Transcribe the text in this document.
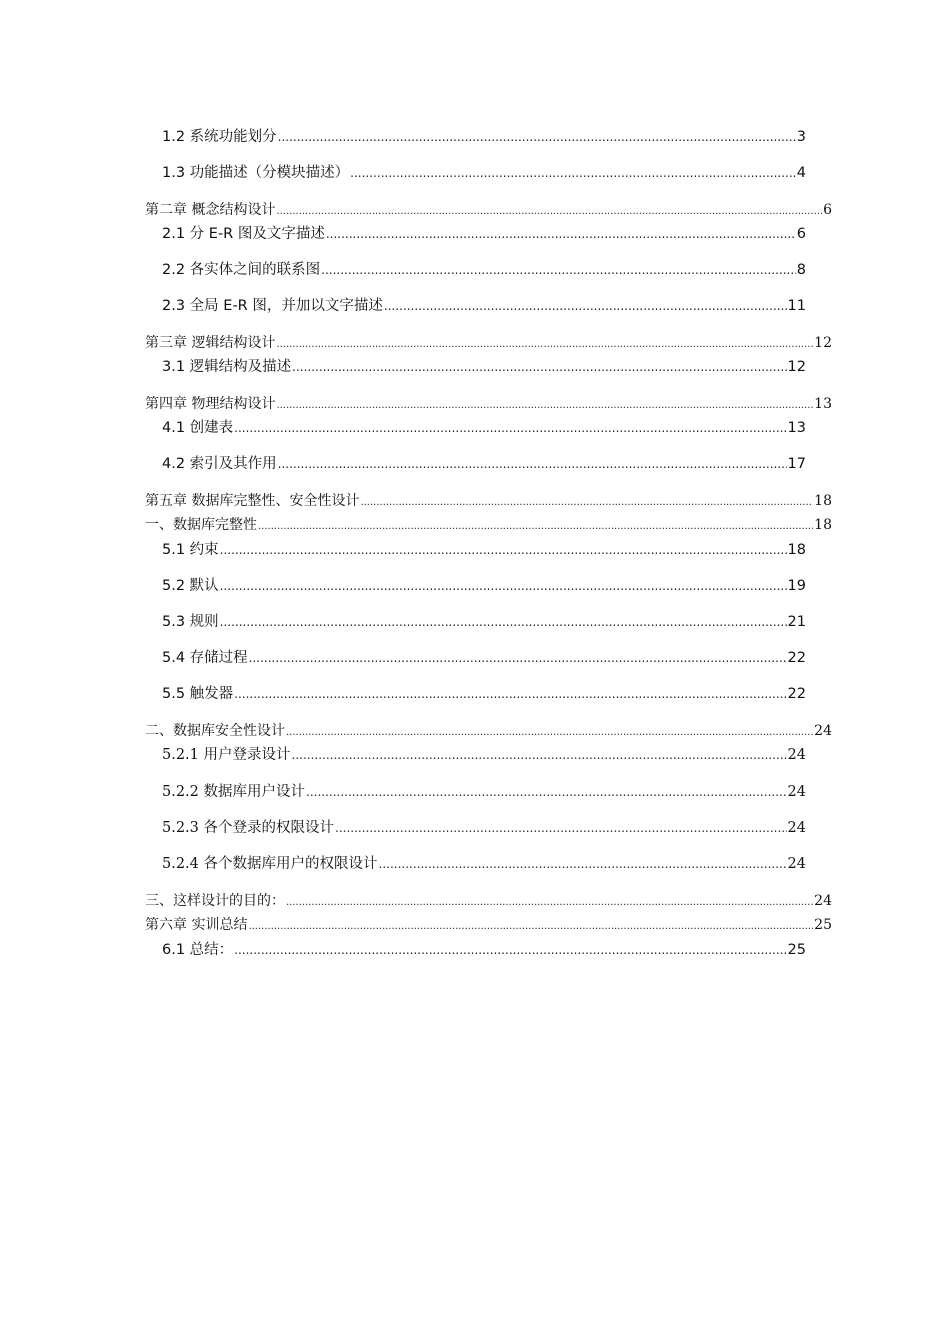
1.2 系统功能划分 .....	3
1.3 功能描述（分模块描述） .....	4
第二章 概念结构设计 .....	6
2.1 分 E-R 图及文字描述 .....	6
2.2 各实体之间的联系图 .....	8
2.3 全局 E-R 图，并加以文字描述 .....	11
第三章 逻辑结构设计 .....	12
3.1 逻辑结构及描述 .....	12
第四章 物理结构设计 .....	13
4.1 创建表 .....	13
4.2 索引及其作用 .....	17
第五章 数据库完整性、安全性设计 .....	18
一、数据库完整性 .....	18
5.1 约束 .....	18
5.2 默认 .....	19
5.3 规则 .....	21
5.4 存储过程 .....	22
5.5 触发器 .....	22
二、数据库安全性设计 .....	24
5.2.1 用户登录设计 .....	24
5.2.2 数据库用户设计 .....	24
5.2.3 各个登录的权限设计 .....	24
5.2.4 各个数据库用户的权限设计 .....	24
三、这样设计的目的： .....	24
第六章 实训总结 .....	25
6.1 总结： .....	25
